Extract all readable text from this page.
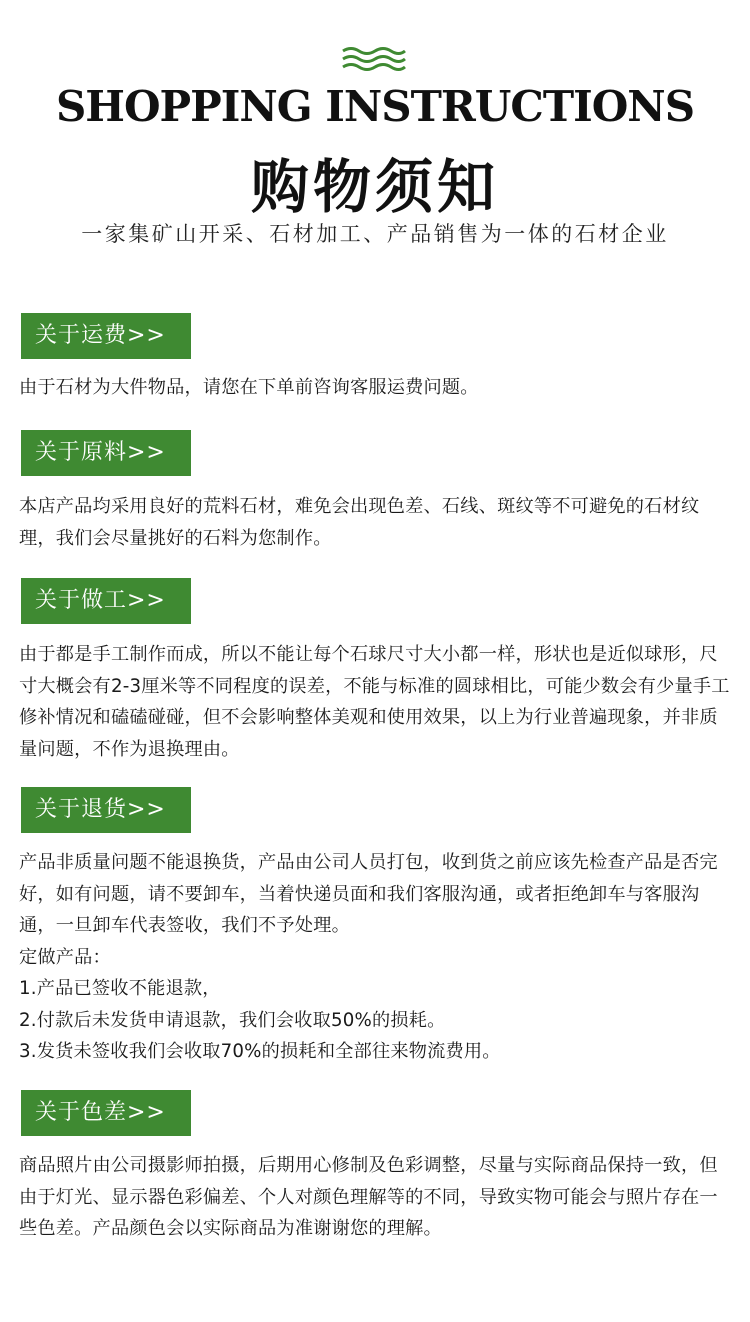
SHOPPING INSTRUCTIONS
购物须知
一家集矿山开采、石材加工、产品销售为一体的石材企业
关于运费>>

由于石材为大件物品，请您在下单前咨询客服运费问题。

关于原料>>

本店产品均采用良好的荒料石材，难免会出现色差、石线、斑纹等不可避免的石材纹理，我们会尽量挑好的石料为您制作。

关于做工>>

由于都是手工制作而成，所以不能让每个石球尺寸大小都一样，形状也是近似球形，尺寸大概会有2-3厘米等不同程度的误差，不能与标准的圆球相比，可能少数会有少量手工修补情况和磕磕碰碰，但不会影响整体美观和使用效果，以上为行业普遍现象，并非质量问题，不作为退换理由。

关于退货>>

产品非质量问题不能退换货，产品由公司人员打包，收到货之前应该先检查产品是否完好，如有问题，请不要卸车，当着快递员面和我们客服沟通，或者拒绝卸车与客服沟通，一旦卸车代表签收，我们不予处理。

定做产品：

1.产品已签收不能退款，

2.付款后未发货申请退款，我们会收取50%的损耗。

3.发货未签收我们会收取70%的损耗和全部往来物流费用。

关于色差>>

商品照片由公司摄影师拍摄，后期用心修制及色彩调整，尽量与实际商品保持一致，但由于灯光、显示器色彩偏差、个人对颜色理解等的不同，导致实物可能会与照片存在一些色差。产品颜色会以实际商品为准谢谢您的理解。
